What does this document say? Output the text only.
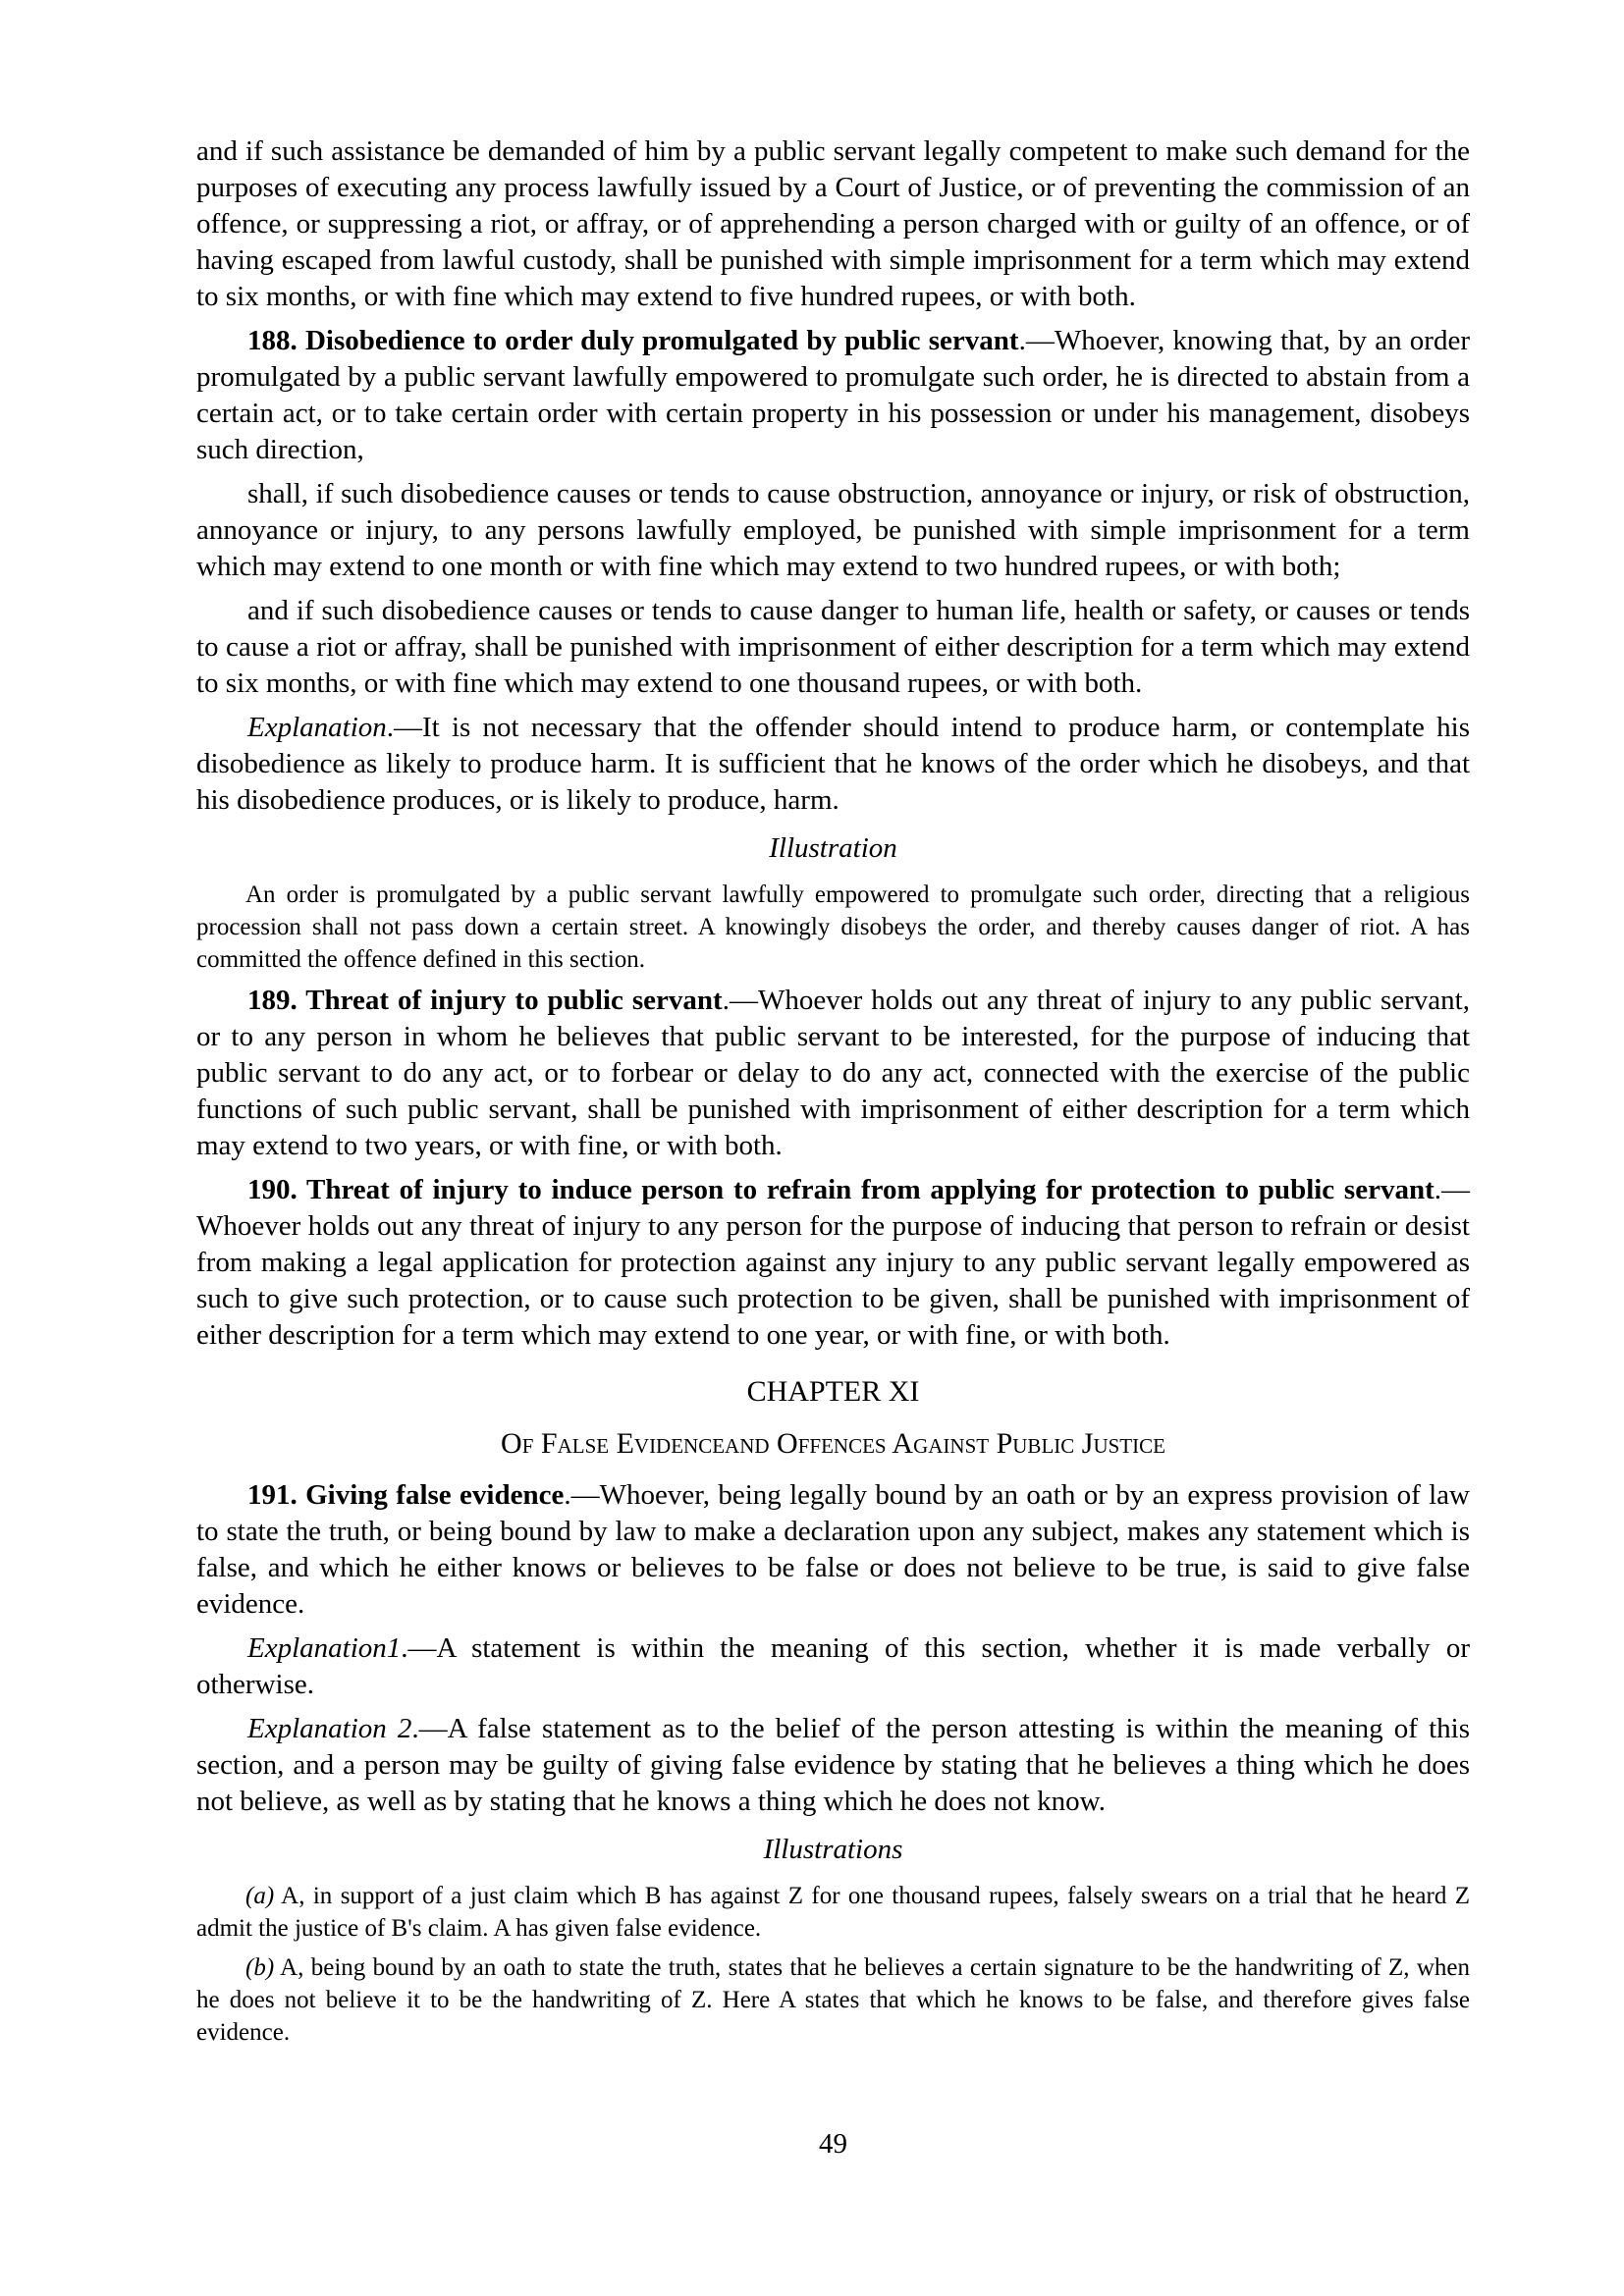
and if such assistance be demanded of him by a public servant legally competent to make such demand for the purposes of executing any process lawfully issued by a Court of Justice, or of preventing the commission of an offence, or suppressing a riot, or affray, or of apprehending a person charged with or guilty of an offence, or of having escaped from lawful custody, shall be punished with simple imprisonment for a term which may extend to six months, or with fine which may extend to five hundred rupees, or with both.

188. Disobedience to order duly promulgated by public servant.—Whoever, knowing that, by an order promulgated by a public servant lawfully empowered to promulgate such order, he is directed to abstain from a certain act, or to take certain order with certain property in his possession or under his management, disobeys such direction,

shall, if such disobedience causes or tends to cause obstruction, annoyance or injury, or risk of obstruction, annoyance or injury, to any persons lawfully employed, be punished with simple imprisonment for a term which may extend to one month or with fine which may extend to two hundred rupees, or with both;

and if such disobedience causes or tends to cause danger to human life, health or safety, or causes or tends to cause a riot or affray, shall be punished with imprisonment of either description for a term which may extend to six months, or with fine which may extend to one thousand rupees, or with both.

Explanation.—It is not necessary that the offender should intend to produce harm, or contemplate his disobedience as likely to produce harm. It is sufficient that he knows of the order which he disobeys, and that his disobedience produces, or is likely to produce, harm.

Illustration

An order is promulgated by a public servant lawfully empowered to promulgate such order, directing that a religious procession shall not pass down a certain street. A knowingly disobeys the order, and thereby causes danger of riot. A has committed the offence defined in this section.

189. Threat of injury to public servant.—Whoever holds out any threat of injury to any public servant, or to any person in whom he believes that public servant to be interested, for the purpose of inducing that public servant to do any act, or to forbear or delay to do any act, connected with the exercise of the public functions of such public servant, shall be punished with imprisonment of either description for a term which may extend to two years, or with fine, or with both.

190. Threat of injury to induce person to refrain from applying for protection to public servant.—Whoever holds out any threat of injury to any person for the purpose of inducing that person to refrain or desist from making a legal application for protection against any injury to any public servant legally empowered as such to give such protection, or to cause such protection to be given, shall be punished with imprisonment of either description for a term which may extend to one year, or with fine, or with both.

CHAPTER XI

Of False Evidenceand Offences Against Public Justice

191. Giving false evidence.—Whoever, being legally bound by an oath or by an express provision of law to state the truth, or being bound by law to make a declaration upon any subject, makes any statement which is false, and which he either knows or believes to be false or does not believe to be true, is said to give false evidence.

Explanation1.—A statement is within the meaning of this section, whether it is made verbally or otherwise.

Explanation 2.—A false statement as to the belief of the person attesting is within the meaning of this section, and a person may be guilty of giving false evidence by stating that he believes a thing which he does not believe, as well as by stating that he knows a thing which he does not know.

Illustrations

(a) A, in support of a just claim which B has against Z for one thousand rupees, falsely swears on a trial that he heard Z admit the justice of B's claim. A has given false evidence.

(b) A, being bound by an oath to state the truth, states that he believes a certain signature to be the handwriting of Z, when he does not believe it to be the handwriting of Z. Here A states that which he knows to be false, and therefore gives false evidence.

49
